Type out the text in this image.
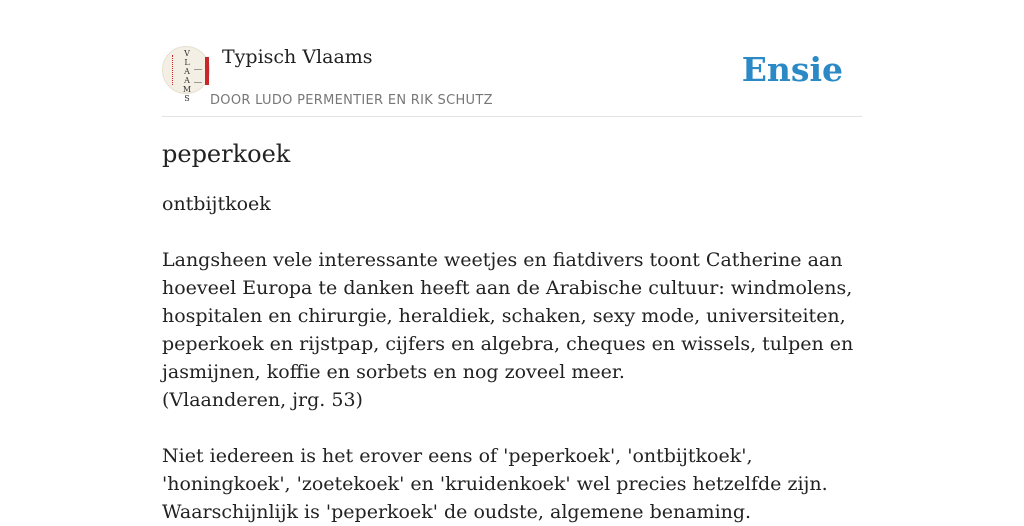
V
L
A
A
M
S
Typisch Vlaams
DOOR LUDO PERMENTIER EN RIK SCHUTZ
Ensie
peperkoek

ontbijtkoek

Langsheen vele interessante weetjes en fiatdivers toont Catherine aan hoeveel Europa te danken heeft aan de Arabische cultuur: windmolens, hospitalen en chirurgie, heraldiek, schaken, sexy mode, universiteiten, peperkoek en rijstpap, cijfers en algebra, cheques en wissels, tulpen en jasmijnen, koffie en sorbets en nog zoveel meer.
(Vlaanderen, jrg. 53)

Niet iedereen is het erover eens of 'peperkoek', 'ontbijtkoek', 'honingkoek', 'zoetekoek' en 'kruidenkoek' wel precies hetzelfde zijn. Waarschijnlijk is 'peperkoek' de oudste, algemene benaming.
